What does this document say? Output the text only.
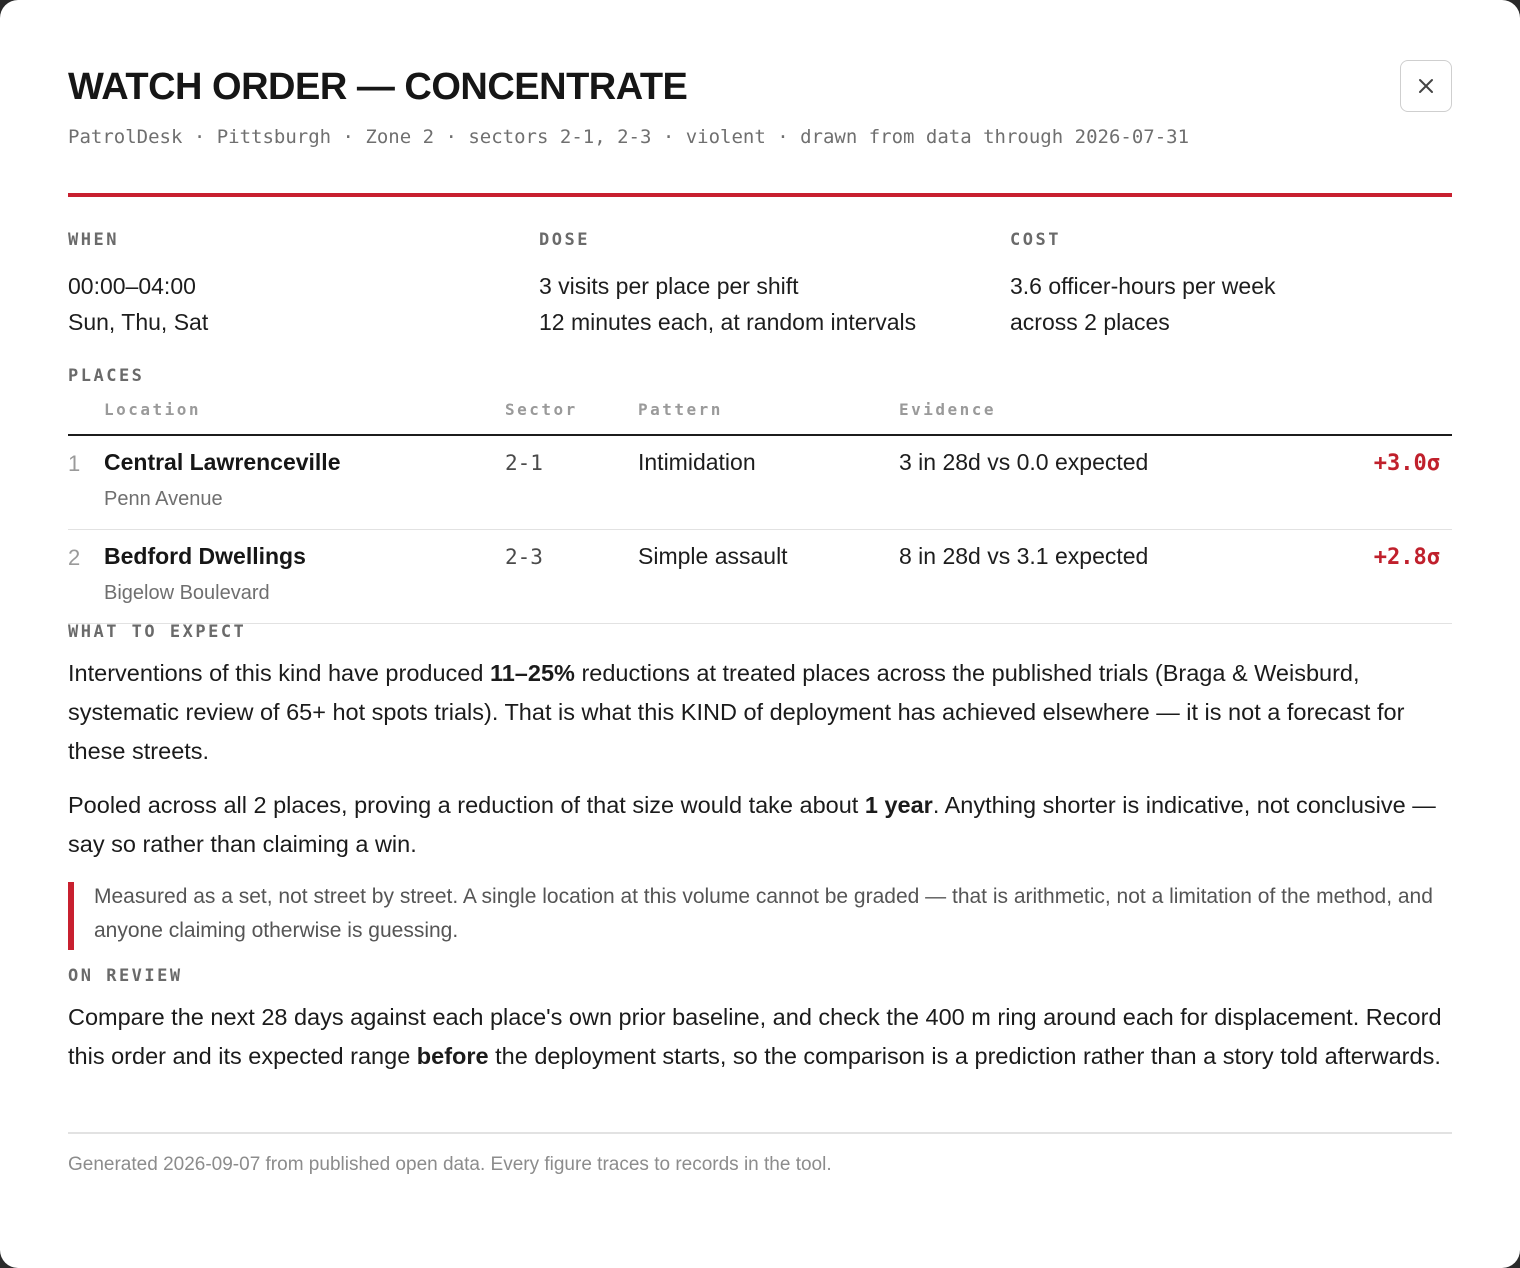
WATCH ORDER — CONCENTRATE
PatrolDesk · Pittsburgh · Zone 2 · sectors 2-1, 2-3 · violent · drawn from data through 2026-07-31
WHEN
00:00–04:00
Sun, Thu, Sat
DOSE
3 visits per place per shift
12 minutes each, at random intervals
COST
3.6 officer-hours per week
across 2 places
PLACES
Location	Sector	Pattern	Evidence
1 Central Lawrenceville
Penn Avenue
2-1	Intimidation	3 in 28d vs 0.0 expected	+3.0σ
2 Bedford Dwellings
Bigelow Boulevard
2-3	Simple assault	8 in 28d vs 3.1 expected	+2.8σ
WHAT TO EXPECT

Interventions of this kind have produced 11–25% reductions at treated places across the published trials (Braga & Weisburd, systematic review of 65+ hot spots trials). That is what this KIND of deployment has achieved elsewhere — it is not a forecast for these streets.

Pooled across all 2 places, proving a reduction of that size would take about 1 year. Anything shorter is indicative, not conclusive — say so rather than claiming a win.

Measured as a set, not street by street. A single location at this volume cannot be graded — that is arithmetic, not a limitation of the method, and anyone claiming otherwise is guessing.

ON REVIEW

Compare the next 28 days against each place's own prior baseline, and check the 400 m ring around each for displacement. Record this order and its expected range before the deployment starts, so the comparison is a prediction rather than a story told afterwards.

Generated 2026-09-07 from published open data. Every figure traces to records in the tool.
